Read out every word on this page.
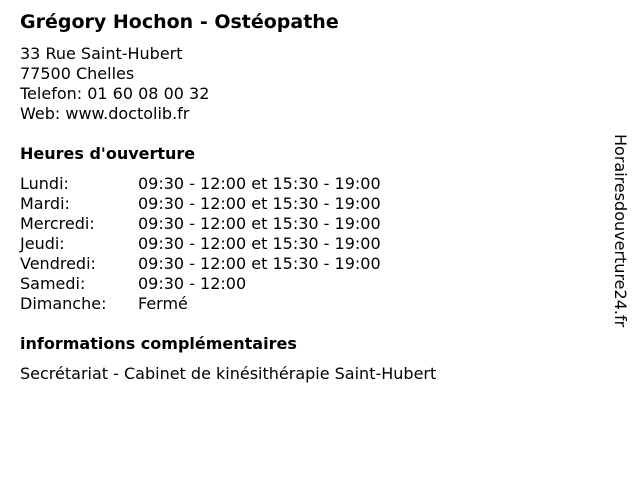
Grégory Hochon - Ostéopathe
33 Rue Saint-Hubert
77500 Chelles
Telefon: 01 60 08 00 32
Web: www.doctolib.fr
Heures d'ouverture
Lundi:	09:30 - 12:00 et 15:30 - 19:00
Mardi:	09:30 - 12:00 et 15:30 - 19:00
Mercredi:	09:30 - 12:00 et 15:30 - 19:00
Jeudi:	09:30 - 12:00 et 15:30 - 19:00
Vendredi:	09:30 - 12:00 et 15:30 - 19:00
Samedi:	09:30 - 12:00
Dimanche: Fermé
informations complémentaires
Secrétariat - Cabinet de kinésithérapie Saint-Hubert
Horairesdouverture24.fr
